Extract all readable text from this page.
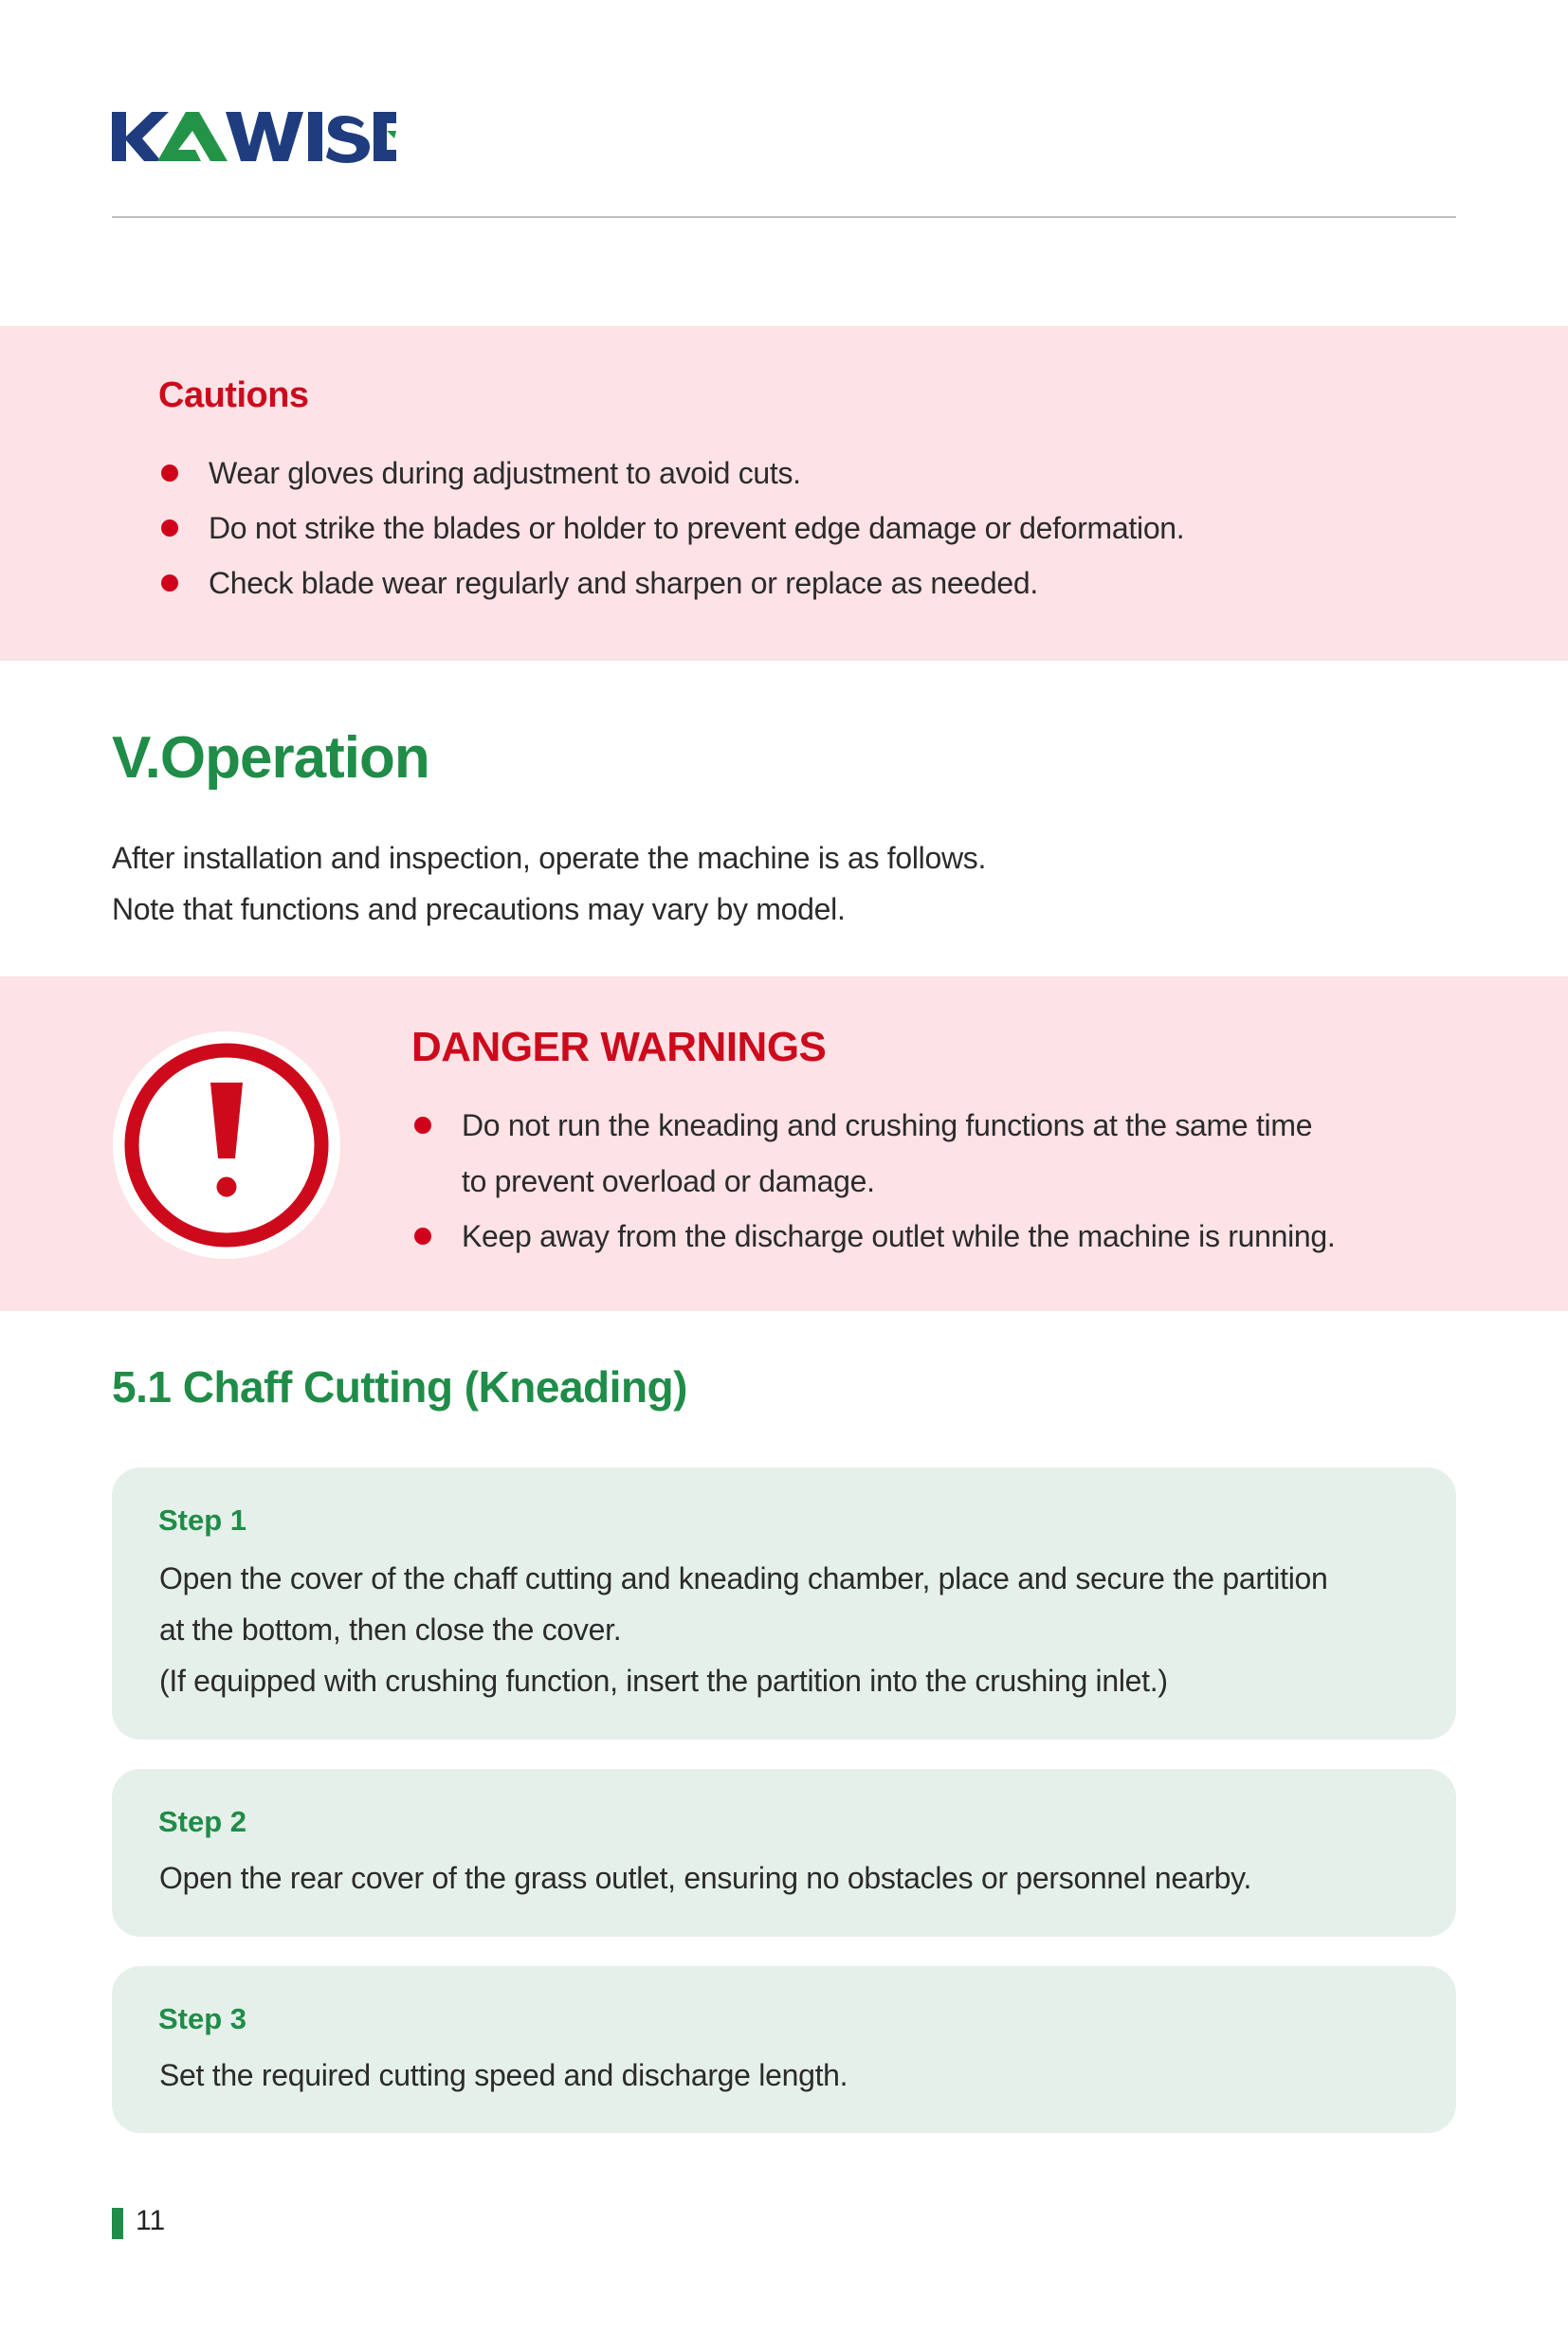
Cautions
Wear gloves during adjustment to avoid cuts.
Do not strike the blades or holder to prevent edge damage or deformation.
Check blade wear regularly and sharpen or replace as needed.
V.Operation
After installation and inspection, operate the machine is as follows.
Note that functions and precautions may vary by model.
DANGER WARNINGS
Do not run the kneading and crushing functions at the same time
to prevent overload or damage.
Keep away from the discharge outlet while the machine is running.
5.1 Chaff Cutting (Kneading)
Step 1
Open the cover of the chaff cutting and kneading chamber, place and secure the partition
at the bottom, then close the cover.
(If equipped with crushing function, insert the partition into the crushing inlet.)
Step 2
Open the rear cover of the grass outlet, ensuring no obstacles or personnel nearby.
Step 3
Set the required cutting speed and discharge length.
11
